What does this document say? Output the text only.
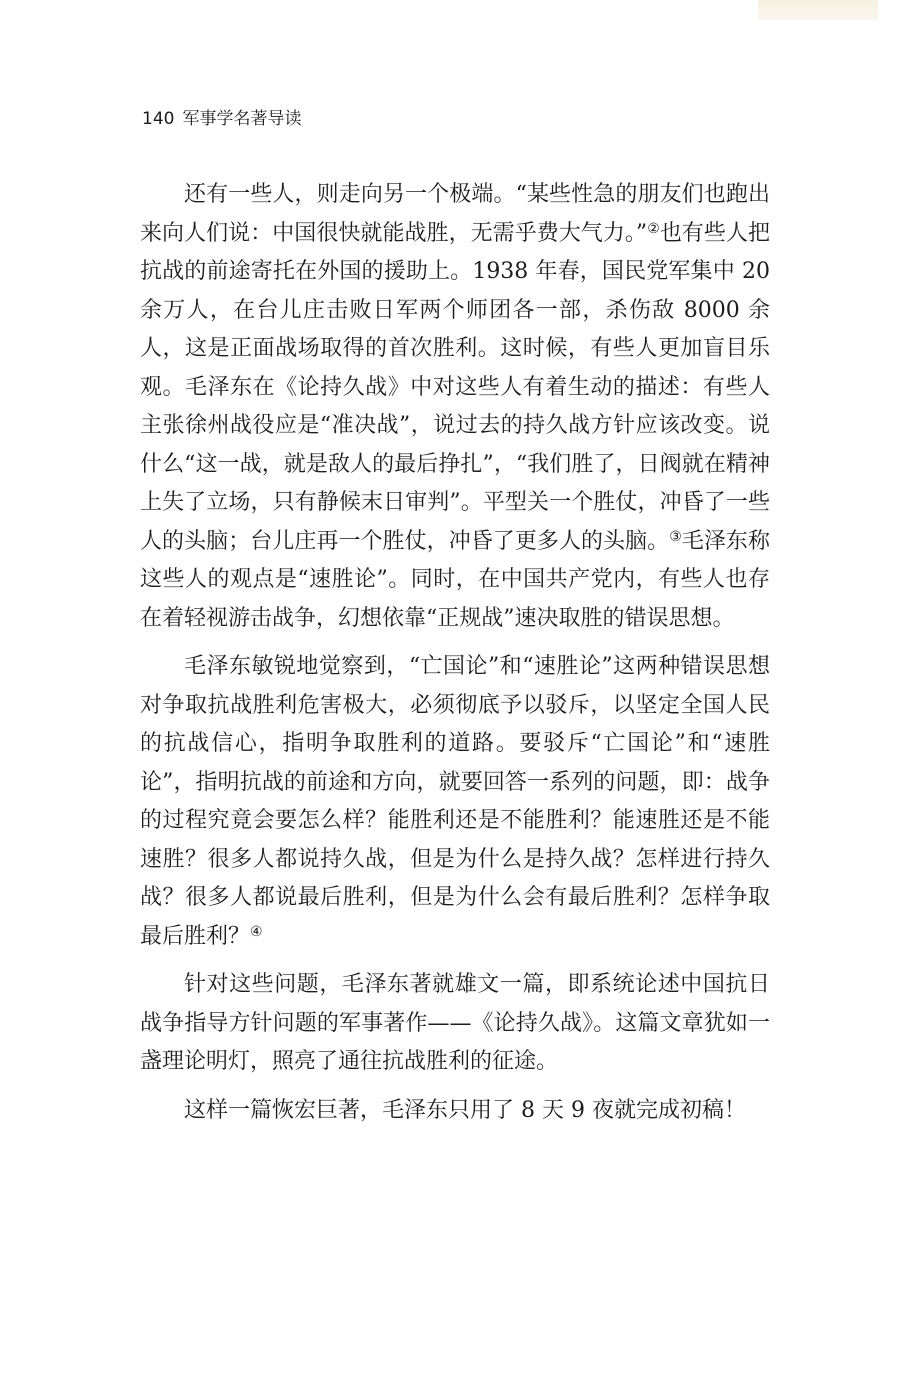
140 军事学名著导读

还有一些人，则走向另一个极端。“某些性急的朋友们也跑出来向人们说：中国很快就能战胜，无需乎费大气力。”②也有些人把抗战的前途寄托在外国的援助上。1938 年春，国民党军集中 20 余万人，在台儿庄击败日军两个师团各一部，杀伤敌 8000 余人，这是正面战场取得的首次胜利。这时候，有些人更加盲目乐观。毛泽东在《论持久战》中对这些人有着生动的描述：有些人主张徐州战役应是“准决战”，说过去的持久战方针应该改变。说什么“这一战，就是敌人的最后挣扎”，“我们胜了，日阀就在精神上失了立场，只有静候末日审判”。平型关一个胜仗，冲昏了一些人的头脑；台儿庄再一个胜仗，冲昏了更多人的头脑。③毛泽东称这些人的观点是“速胜论”。同时，在中国共产党内，有些人也存在着轻视游击战争，幻想依靠“正规战”速决取胜的错误思想。

毛泽东敏锐地觉察到，“亡国论”和“速胜论”这两种错误思想对争取抗战胜利危害极大，必须彻底予以驳斥，以坚定全国人民的抗战信心，指明争取胜利的道路。要驳斥“亡国论”和“速胜论”，指明抗战的前途和方向，就要回答一系列的问题，即：战争的过程究竟会要怎么样？能胜利还是不能胜利？能速胜还是不能速胜？很多人都说持久战，但是为什么是持久战？怎样进行持久战？很多人都说最后胜利，但是为什么会有最后胜利？怎样争取最后胜利？④

针对这些问题，毛泽东著就雄文一篇，即系统论述中国抗日战争指导方针问题的军事著作——《论持久战》。这篇文章犹如一盏理论明灯，照亮了通往抗战胜利的征途。

这样一篇恢宏巨著，毛泽东只用了 8 天 9 夜就完成初稿！
